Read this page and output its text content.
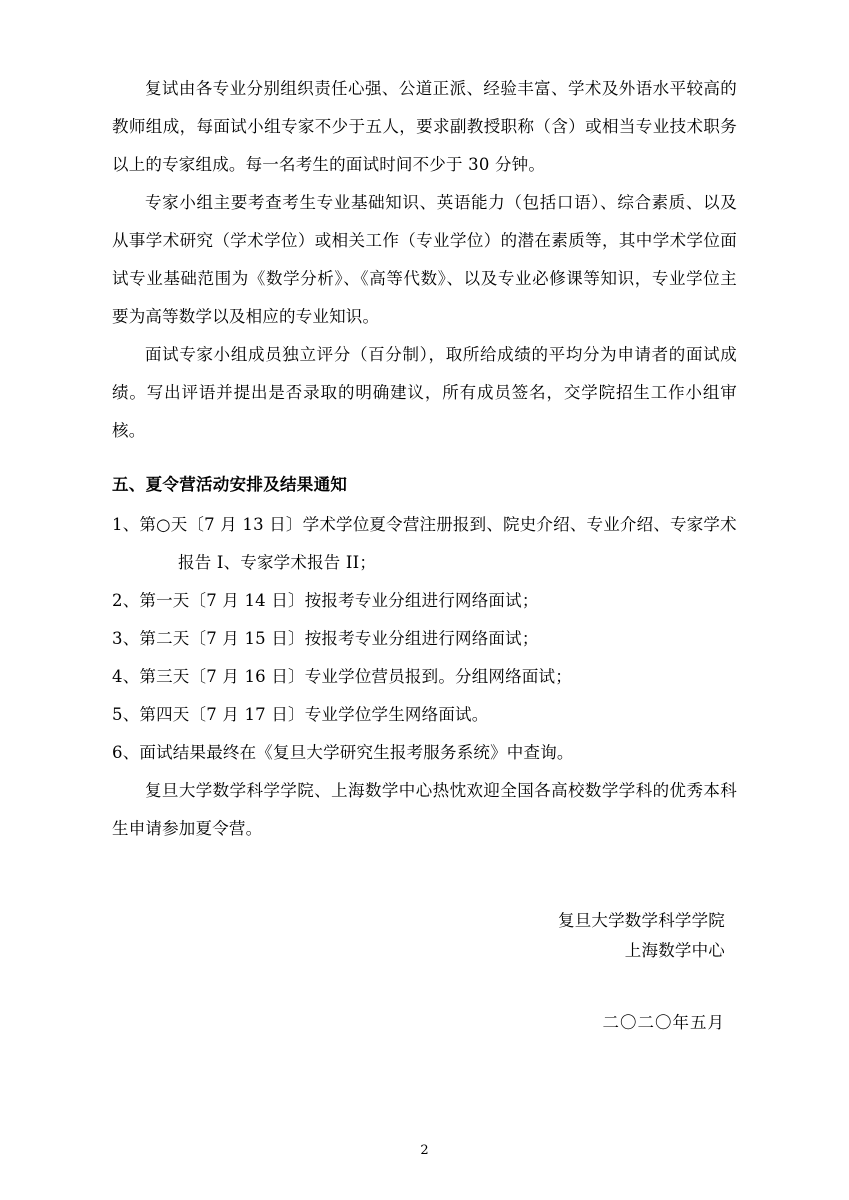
复试由各专业分别组织责任心强、公道正派、经验丰富、学术及外语水平较高的教师组成，每面试小组专家不少于五人，要求副教授职称（含）或相当专业技术职务以上的专家组成。每一名考生的面试时间不少于 30 分钟。

专家小组主要考查考生专业基础知识、英语能力（包括口语）、综合素质、以及从事学术研究（学术学位）或相关工作（专业学位）的潜在素质等，其中学术学位面试专业基础范围为《数学分析》、《高等代数》、以及专业必修课等知识，专业学位主要为高等数学以及相应的专业知识。

面试专家小组成员独立评分（百分制），取所给成绩的平均分为申请者的面试成绩。写出评语并提出是否录取的明确建议，所有成员签名，交学院招生工作小组审核。

五、夏令营活动安排及结果通知

1、第○天〔7 月 13 日〕学术学位夏令营注册报到、院史介绍、专业介绍、专家学术

报告 I、专家学术报告 II；

2、第一天〔7 月 14 日〕按报考专业分组进行网络面试；

3、第二天〔7 月 15 日〕按报考专业分组进行网络面试；

4、第三天〔7 月 16 日〕专业学位营员报到。分组网络面试；

5、第四天〔7 月 17 日〕专业学位学生网络面试。

6、面试结果最终在《复旦大学研究生报考服务系统》中查询。

复旦大学数学科学学院、上海数学中心热忱欢迎全国各高校数学学科的优秀本科生申请参加夏令营。

复旦大学数学科学学院

上海数学中心

二〇二〇年五月

2
